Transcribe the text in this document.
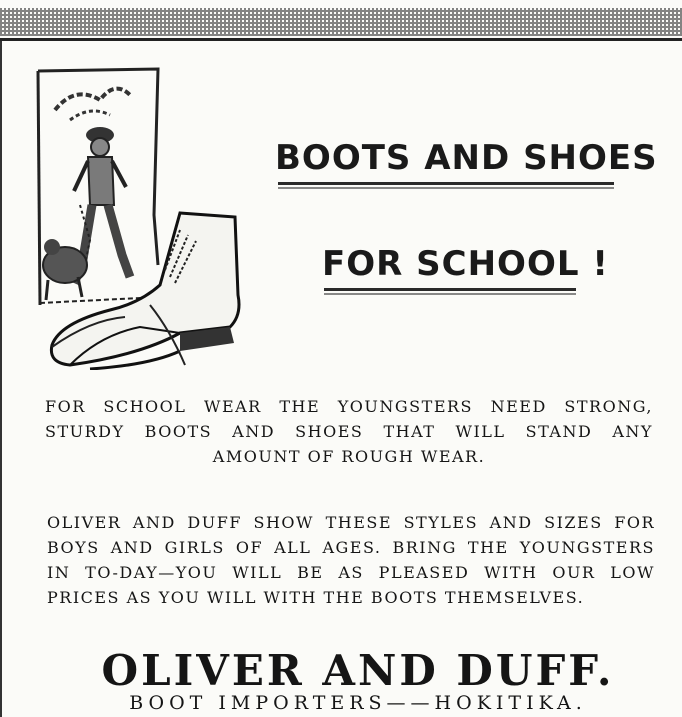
BOOTS AND SHOES
FOR SCHOOL !

FOR SCHOOL WEAR THE YOUNGSTERS NEED STRONG,
STURDY BOOTS AND SHOES THAT WILL STAND ANY
AMOUNT OF ROUGH WEAR.

OLIVER AND DUFF SHOW THESE STYLES AND SIZES FOR
BOYS AND GIRLS OF ALL AGES. BRING THE YOUNGSTERS
IN TO-DAY—YOU WILL BE AS PLEASED WITH OUR LOW
PRICES AS YOU WILL WITH THE BOOTS THEMSELVES.

OLIVER AND DUFF.

BOOT IMPORTERS——HOKITIKA.
